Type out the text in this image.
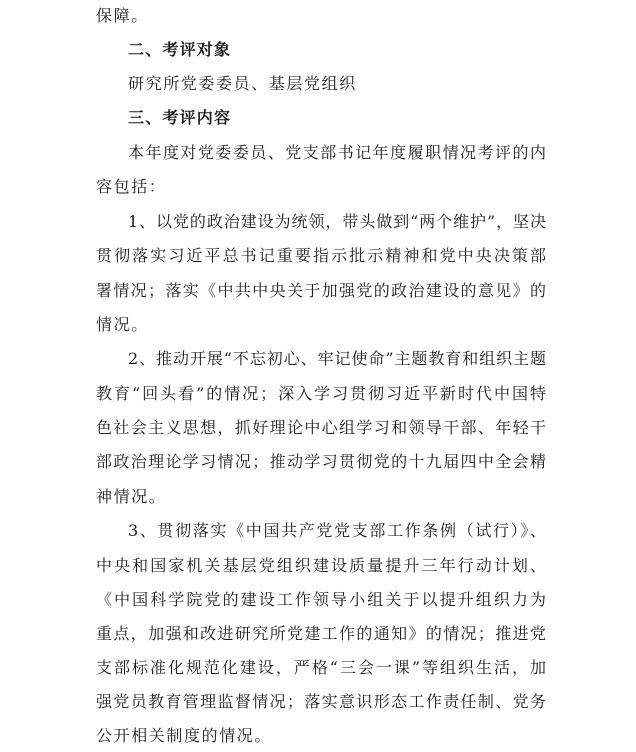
保障。
二、考评对象
研究所党委委员、基层党组织
三、考评内容
本年度对党委委员、党支部书记年度履职情况考评的内
容包括：
1、以党的政治建设为统领，带头做到“两个维护”，坚决
贯彻落实习近平总书记重要指示批示精神和党中央决策部
署情况；落实《中共中央关于加强党的政治建设的意见》的
情况。
2、推动开展“不忘初心、牢记使命”主题教育和组织主题
教育“回头看”的情况；深入学习贯彻习近平新时代中国特
色社会主义思想，抓好理论中心组学习和领导干部、年轻干
部政治理论学习情况；推动学习贯彻党的十九届四中全会精
神情况。
3、贯彻落实《中国共产党党支部工作条例（试行）》、
中央和国家机关基层党组织建设质量提升三年行动计划、
《中国科学院党的建设工作领导小组关于以提升组织力为
重点，加强和改进研究所党建工作的通知》的情况；推进党
支部标准化规范化建设，严格“三会一课”等组织生活，加
强党员教育管理监督情况；落实意识形态工作责任制、党务
公开相关制度的情况。
